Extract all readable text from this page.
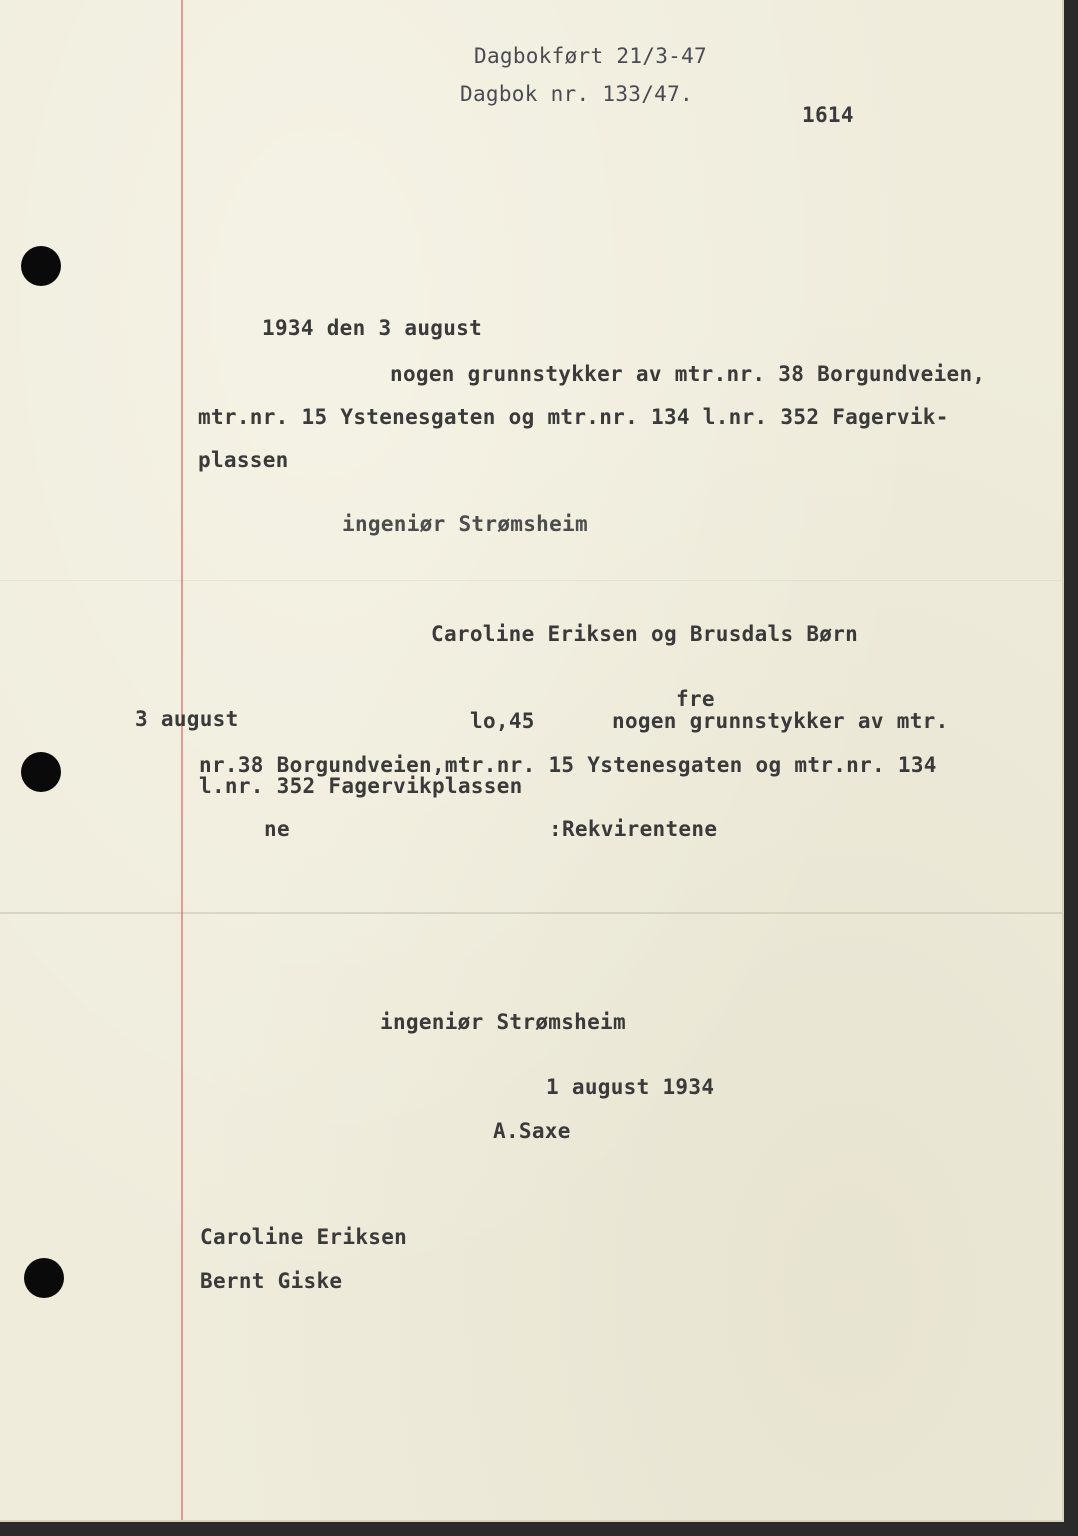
Dagbokført 21/3-47
Dagbok nr. 133/47.
1614
1934 den 3 august
nogen grunnstykker av mtr.nr. 38 Borgundveien,
mtr.nr. 15 Ystenesgaten og mtr.nr. 134 l.nr. 352 Fagervik-
plassen
ingeniør Strømsheim
Caroline Eriksen og Brusdals Børn
fre
3 august	lo,45	nogen grunnstykker av mtr.
nr.38 Borgundveien,mtr.nr. 15 Ystenesgaten og mtr.nr. 134
l.nr. 352 Fagervikplassen
ne	:Rekvirentene
ingeniør Strømsheim
1 august 1934
A.Saxe
Caroline Eriksen
Bernt Giske
